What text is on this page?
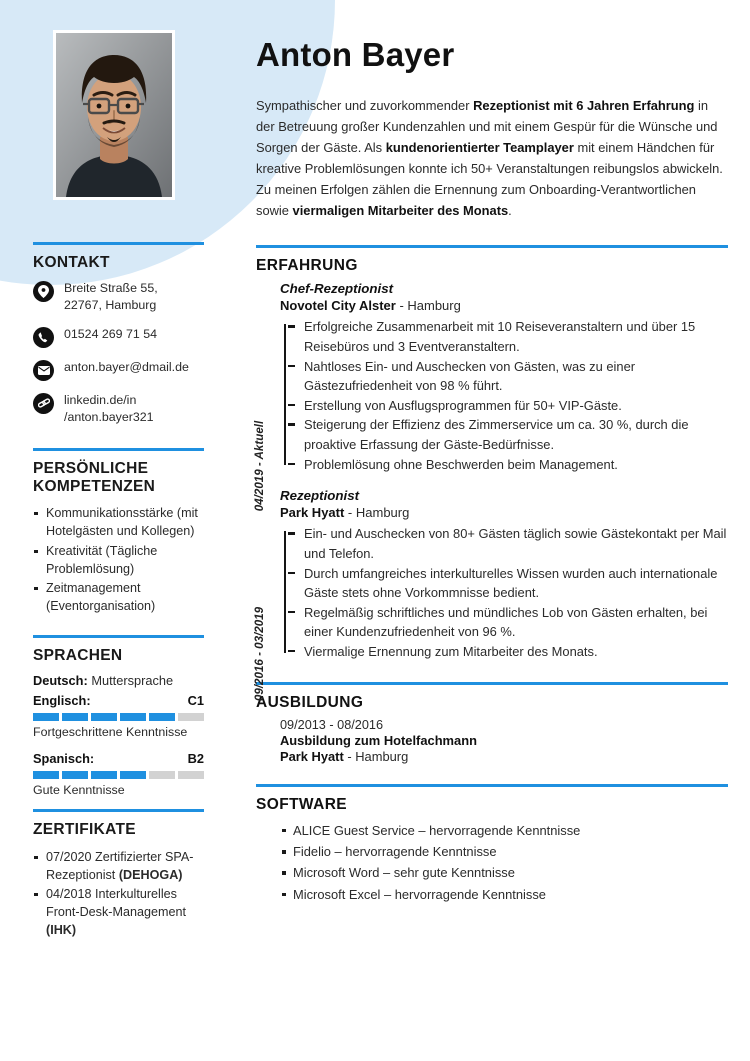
KONTAKT
Breite Straße 55,
22767, Hamburg
01524 269 71 54
anton.bayer@dmail.de
linkedin.de/in
/anton.bayer321
PERSÖNLICHE
KOMPETENZEN
Kommunikationsstärke (mit Hotelgästen und Kollegen)
Kreativität (Tägliche Problemlösung)
Zeitmanagement (Eventorganisation)
SPRACHEN
Deutsch: Muttersprache
Englisch:	C1
Fortgeschrittene Kenntnisse
Spanisch:	B2
Gute Kenntnisse
ZERTIFIKATE
07/2020 Zertifizierter SPA-Rezeptionist (DEHOGA)
04/2018 Interkulturelles Front-Desk-Management (IHK)
Anton Bayer

Sympathischer und zuvorkommender Rezeptionist mit 6 Jahren Erfahrung in der Betreuung großer Kundenzahlen und mit einem Gespür für die Wünsche und Sorgen der Gäste. Als kundenorientierter Teamplayer mit einem Händchen für kreative Problemlösungen konnte ich 50+ Veranstaltungen reibungslos abwickeln. Zu meinen Erfolgen zählen die Ernennung zum Onboarding-Verantwortlichen sowie viermaligen Mitarbeiter des Monats.

ERFAHRUNG
04/2019 - Aktuell
Chef-Rezeptionist
Novotel City Alster - Hamburg
Erfolgreiche Zusammenarbeit mit 10 Reiseveranstaltern und über 15 Reisebüros und 3 Eventveranstaltern.
Nahtloses Ein- und Auschecken von Gästen, was zu einer Gästezufriedenheit von 98 % führt.
Erstellung von Ausflugsprogrammen für 50+ VIP-Gäste.
Steigerung der Effizienz des Zimmerservice um ca. 30 %, durch die proaktive Erfassung der Gäste-Bedürfnisse.
Problemlösung ohne Beschwerden beim Management.
09/2016 - 03/2019
Rezeptionist
Park Hyatt - Hamburg
Ein- und Auschecken von 80+ Gästen täglich sowie Gästekontakt per Mail und Telefon.
Durch umfangreiches interkulturelles Wissen wurden auch internationale Gäste stets ohne Vorkommnisse bedient.
Regelmäßig schriftliches und mündliches Lob von Gästen erhalten, bei einer Kundenzufriedenheit von 96 %.
Viermalige Ernennung zum Mitarbeiter des Monats.
AUSBILDUNG
09/2013 - 08/2016
Ausbildung zum Hotelfachmann
Park Hyatt - Hamburg
SOFTWARE
ALICE Guest Service – hervorragende Kenntnisse
Fidelio – hervorragende Kenntnisse
Microsoft Word – sehr gute Kenntnisse
Microsoft Excel – hervorragende Kenntnisse
